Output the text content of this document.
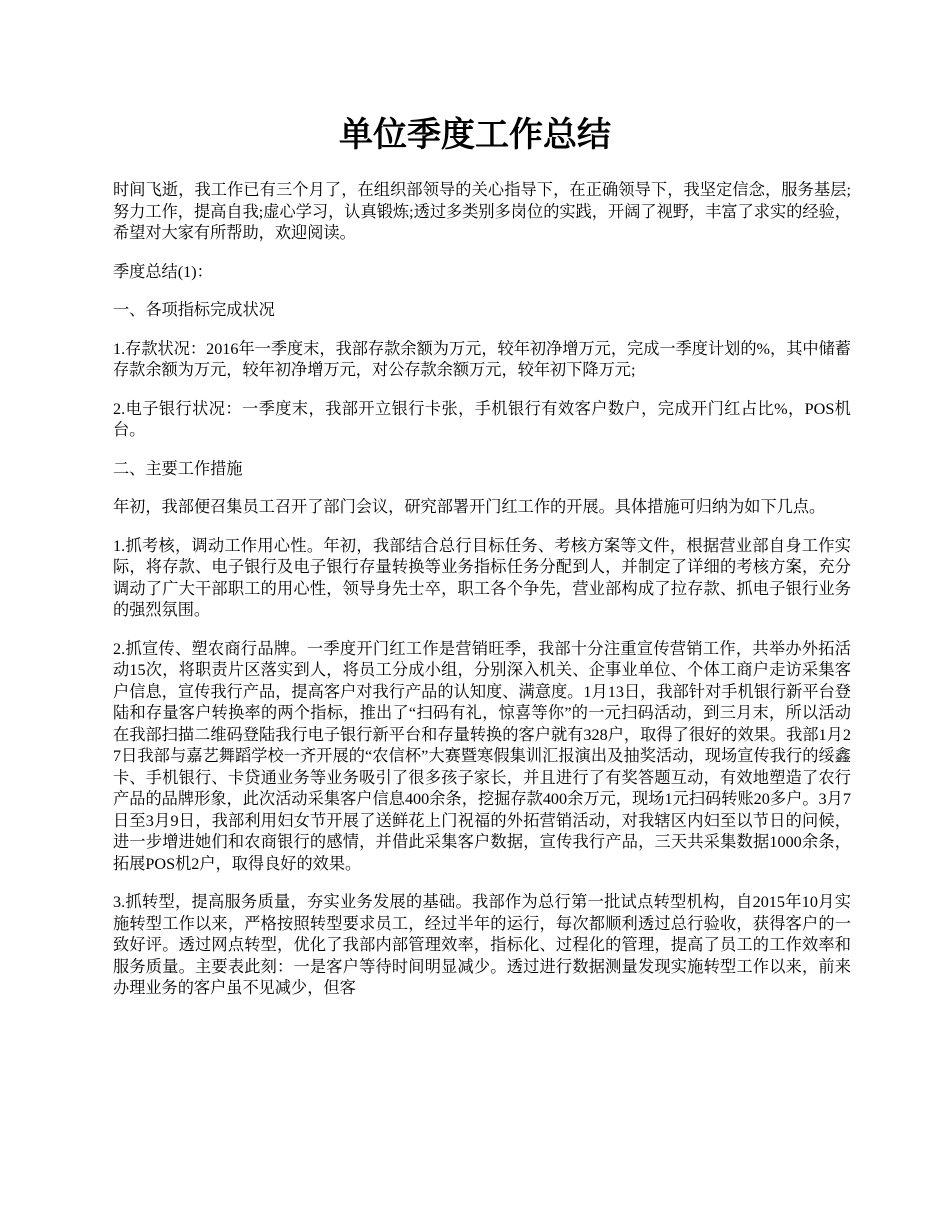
单位季度工作总结

时间飞逝，我工作已有三个月了，在组织部领导的关心指导下，在正确领导下，我坚定信念，服务基层;努力工作，提高自我;虚心学习，认真锻炼;透过多类别多岗位的实践，开阔了视野，丰富了求实的经验，希望对大家有所帮助，欢迎阅读。

季度总结(1)：

一、各项指标完成状况

1.存款状况：2016年一季度末，我部存款余额为万元，较年初净增万元，完成一季度计划的%，其中储蓄存款余额为万元，较年初净增万元，对公存款余额万元，较年初下降万元;

2.电子银行状况：一季度末，我部开立银行卡张，手机银行有效客户数户，完成开门红占比%，POS机台。

二、主要工作措施

年初，我部便召集员工召开了部门会议，研究部署开门红工作的开展。具体措施可归纳为如下几点。

1.抓考核，调动工作用心性。年初，我部结合总行目标任务、考核方案等文件，根据营业部自身工作实际，将存款、电子银行及电子银行存量转换等业务指标任务分配到人，并制定了详细的考核方案，充分调动了广大干部职工的用心性，领导身先士卒，职工各个争先，营业部构成了拉存款、抓电子银行业务的强烈氛围。

2.抓宣传、塑农商行品牌。一季度开门红工作是营销旺季，我部十分注重宣传营销工作，共举办外拓活动15次，将职责片区落实到人，将员工分成小组，分别深入机关、企事业单位、个体工商户走访采集客户信息，宣传我行产品，提高客户对我行产品的认知度、满意度。1月13日，我部针对手机银行新平台登陆和存量客户转换率的两个指标，推出了“扫码有礼，惊喜等你”的一元扫码活动，到三月末，所以活动在我部扫描二维码登陆我行电子银行新平台和存量转换的客户就有328户，取得了很好的效果。我部1月27日我部与嘉艺舞蹈学校一齐开展的“农信杯”大赛暨寒假集训汇报演出及抽奖活动，现场宣传我行的绥鑫卡、手机银行、卡贷通业务等业务吸引了很多孩子家长，并且进行了有奖答题互动，有效地塑造了农行产品的品牌形象，此次活动采集客户信息400余条，挖掘存款400余万元，现场1元扫码转账20多户。3月7日至3月9日，我部利用妇女节开展了送鲜花上门祝福的外拓营销活动，对我辖区内妇至以节日的问候，进一步增进她们和农商银行的感情，并借此采集客户数据，宣传我行产品，三天共采集数据1000余条，拓展POS机2户，取得良好的效果。

3.抓转型，提高服务质量，夯实业务发展的基础。我部作为总行第一批试点转型机构，自2015年10月实施转型工作以来，严格按照转型要求员工，经过半年的运行，每次都顺利透过总行验收，获得客户的一致好评。透过网点转型，优化了我部内部管理效率，指标化、过程化的管理，提高了员工的工作效率和服务质量。主要表此刻：一是客户等待时间明显减少。透过进行数据测量发现实施转型工作以来，前来办理业务的客户虽不见减少，但客
